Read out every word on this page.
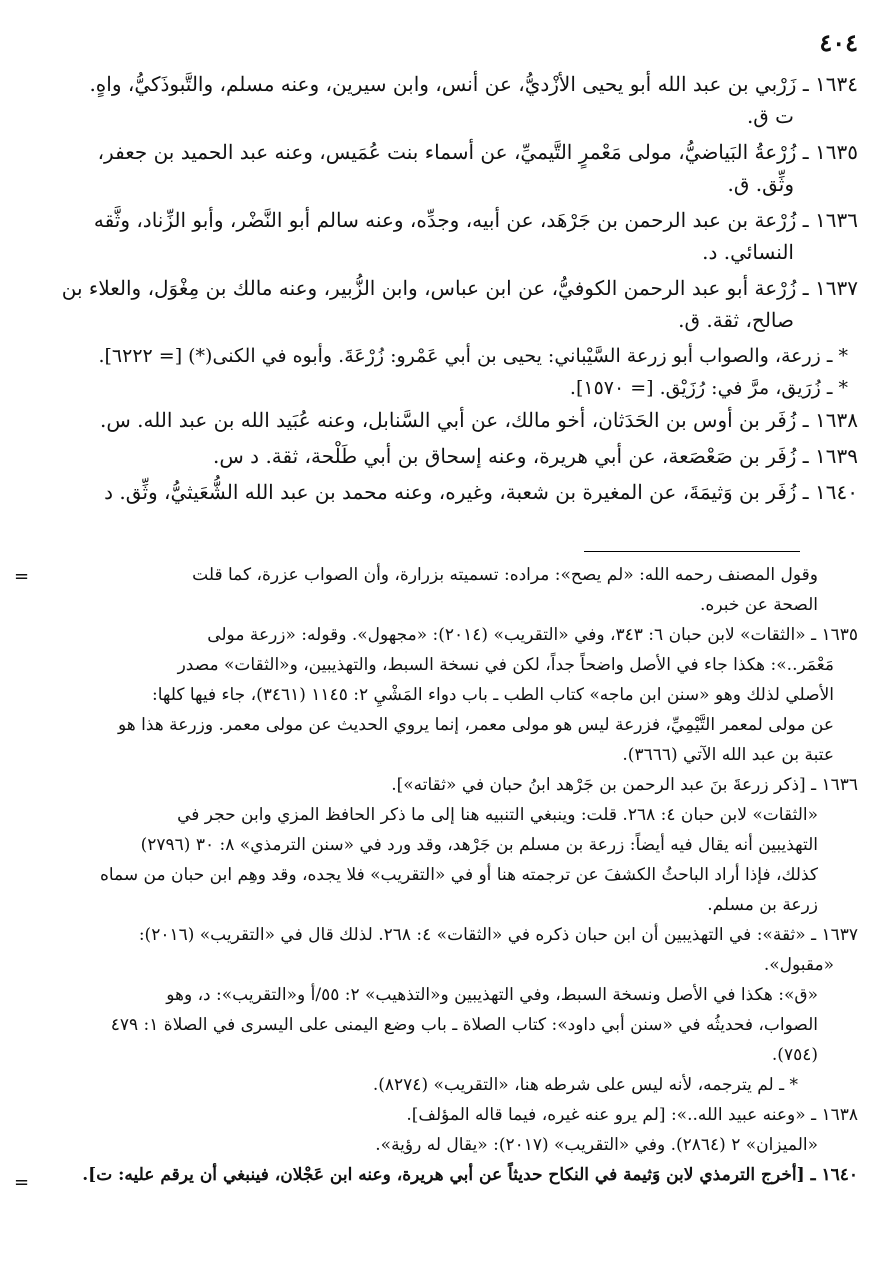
٤٠٤
١٦٣٤ ـ زَرْبي بن عبد الله أبو يحيى الأزْديُّ، عن أنس، وابن سيرين، وعنه مسلم، والتَّبوذَكيُّ، واهٍ.
ت ق.
١٦٣٥ ـ زُرْعةُ البَياضيُّ، مولى مَعْمرٍ التَّيميِّ، عن أسماء بنت عُمَيس، وعنه عبد الحميد بن جعفر،
وثِّق. ق.
١٦٣٦ ـ زُرْعة بن عبد الرحمن بن جَرْهَد، عن أبيه، وجدِّه، وعنه سالم أبو النَّضْر، وأبو الزِّناد، وثَّقه
النسائي. د.
١٦٣٧ ـ زُرْعة أبو عبد الرحمن الكوفيُّ، عن ابن عباس، وابن الزُّبير، وعنه مالك بن مِغْوَل، والعلاء بن
صالح، ثقة. ق.
* ـ زرعة، والصواب أبو زرعة السَّيْباني: يحيى بن أبي عَمْرو: زُرْعَةَ. وأبوه في الكنى(*) [= ٦٢٢٢].
* ـ زُرَيق، مرَّ في: رُزَيْق. [= ١٥٧٠].
١٦٣٨ ـ زُفَر بن أوس بن الحَدَثان، أخو مالك، عن أبي السَّنابل، وعنه عُبَيد الله بن عبد الله. س.
١٦٣٩ ـ زُفَر بن صَعْصَعة، عن أبي هريرة، وعنه إسحاق بن أبي طَلْحة، ثقة. د س.
١٦٤٠ ـ زُفَر بن وَثيمَةَ، عن المغيرة بن شعبة، وغيره، وعنه محمد بن عبد الله الشُّعَيثيُّ، وثِّق. د
=	وقول المصنف رحمه الله: «لم يصح»: مراده: تسميته بزرارة، وأن الصواب عزرة، كما قلت
الصحة عن خبره.
١٦٣٥ ـ «الثقات» لابن حبان ٦: ٣٤٣، وفي «التقريب» (٢٠١٤): «مجهول». وقوله: «زرعة مولى
مَعْمَر..»: هكذا جاء في الأصل واضحاً جداً، لكن في نسخة السبط، والتهذيبين، و«الثقات» مصدر
الأصلي لذلك وهو «سنن ابن ماجه» كتاب الطب ـ باب دواء المَشْيِ ٢: ١١٤٥ (٣٤٦١)، جاء فيها كلها:
عن مولى لمعمر التَّيْمِيِّ، فزرعة ليس هو مولى معمر، إنما يروي الحديث عن مولى معمر. وزرعة هذا هو
عتبة بن عبد الله الآتي (٣٦٦٦).
١٦٣٦ ـ [ذكر زرعةَ بنَ عبد الرحمن بن جَرْهد ابنُ حبان في «ثقاته»].
«الثقات» لابن حبان ٤: ٢٦٨. قلت: وينبغي التنبيه هنا إلى ما ذكر الحافظ المزي وابن حجر في
التهذيبين أنه يقال فيه أيضاً: زرعة بن مسلم بن جَرْهد، وقد ورد في «سنن الترمذي» ٨: ٣٠ (٢٧٩٦)
كذلك، فإذا أراد الباحثُ الكشفَ عن ترجمته هنا أو في «التقريب» فلا يجده، وقد وهِم ابن حبان من سماه
زرعة بن مسلم.
١٦٣٧ ـ «ثقة»: في التهذيبين أن ابن حبان ذكره في «الثقات» ٤: ٢٦٨. لذلك قال في «التقريب» (٢٠١٦):
«مقبول».
«ق»: هكذا في الأصل ونسخة السبط، وفي التهذيبين و«التذهيب» ٢: ٥٥/أ و«التقريب»: د، وهو
الصواب، فحديثُه في «سنن أبي داود»: كتاب الصلاة ـ باب وضع اليمنى على اليسرى في الصلاة ١: ٤٧٩
(٧٥٤).
* ـ لم يترجمه، لأنه ليس على شرطه هنا، «التقريب» (٨٢٧٤).
١٦٣٨ ـ «وعنه عبيد الله..»: [لم يرو عنه غيره، فيما قاله المؤلف].
«الميزان» ٢ (٢٨٦٤). وفي «التقريب» (٢٠١٧): «يقال له رؤية».
١٦٤٠ ـ [أخرج الترمذي لابن وَثيمة في النكاح حديثاً عن أبي هريرة، وعنه ابن عَجْلان، فينبغي أن يرقم عليه: ت].
=
